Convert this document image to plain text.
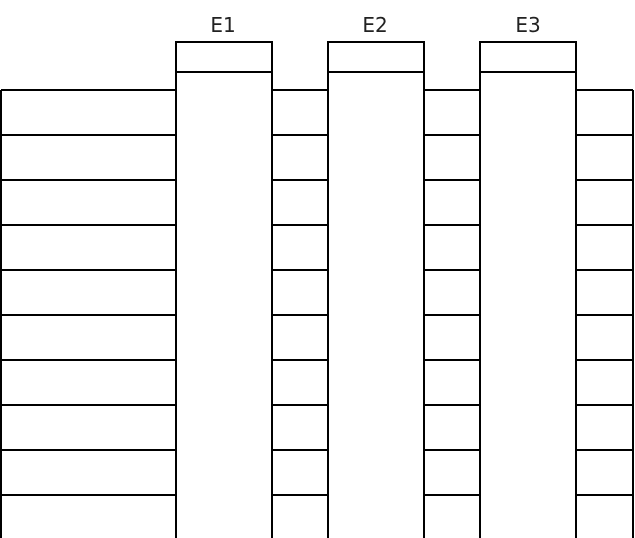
E1	E2	E3
